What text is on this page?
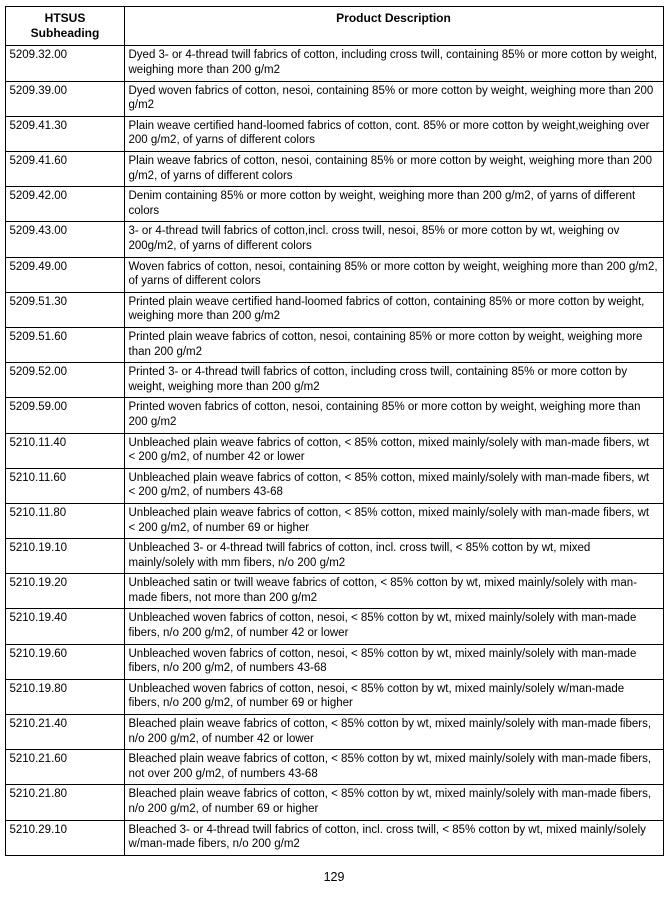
HTSUS Subheading	Product Description
5209.32.00	Dyed 3- or 4-thread twill fabrics of cotton, including cross twill, containing 85% or more cotton by weight, weighing more than 200 g/m2
5209.39.00	Dyed woven fabrics of cotton, nesoi, containing 85% or more cotton by weight, weighing more than 200 g/m2
5209.41.30	Plain weave certified hand-loomed fabrics of cotton, cont. 85% or more cotton by weight,weighing over 200 g/m2, of yarns of different colors
5209.41.60	Plain weave fabrics of cotton, nesoi, containing 85% or more cotton by weight, weighing more than 200 g/m2, of yarns of different colors
5209.42.00	Denim containing 85% or more cotton by weight, weighing more than 200 g/m2, of yarns of different colors
5209.43.00	3- or 4-thread twill fabrics of cotton,incl. cross twill, nesoi, 85% or more cotton by wt, weighing ov 200g/m2, of yarns of different colors
5209.49.00	Woven fabrics of cotton, nesoi, containing 85% or more cotton by weight, weighing more than 200 g/m2, of yarns of different colors
5209.51.30	Printed plain weave certified hand-loomed fabrics of cotton, containing 85% or more cotton by weight, weighing more than 200 g/m2
5209.51.60	Printed plain weave fabrics of cotton, nesoi, containing 85% or more cotton by weight, weighing more than 200 g/m2
5209.52.00	Printed 3- or 4-thread twill fabrics of cotton, including cross twill, containing 85% or more cotton by weight, weighing more than 200 g/m2
5209.59.00	Printed woven fabrics of cotton, nesoi, containing 85% or more cotton by weight, weighing more than 200 g/m2
5210.11.40	Unbleached plain weave fabrics of cotton, < 85% cotton, mixed mainly/solely with man-made fibers, wt < 200 g/m2, of number 42 or lower
5210.11.60	Unbleached plain weave fabrics of cotton, < 85% cotton, mixed mainly/solely with man-made fibers, wt < 200 g/m2, of numbers 43-68
5210.11.80	Unbleached plain weave fabrics of cotton, < 85% cotton, mixed mainly/solely with man-made fibers, wt < 200 g/m2, of number 69 or higher
5210.19.10	Unbleached 3- or 4-thread twill fabrics of cotton, incl. cross twill, < 85% cotton by wt, mixed mainly/solely with mm fibers, n/o 200 g/m2
5210.19.20	Unbleached satin or twill weave fabrics of cotton, < 85% cotton by wt, mixed mainly/solely with man-made fibers, not more than 200 g/m2
5210.19.40	Unbleached woven fabrics of cotton, nesoi, < 85% cotton by wt, mixed mainly/solely with man-made fibers, n/o 200 g/m2, of number 42 or lower
5210.19.60	Unbleached woven fabrics of cotton, nesoi, < 85% cotton by wt, mixed mainly/solely with man-made fibers, n/o 200 g/m2, of numbers 43-68
5210.19.80	Unbleached woven fabrics of cotton, nesoi, < 85% cotton by wt, mixed mainly/solely w/man-made fibers, n/o 200 g/m2, of number 69 or higher
5210.21.40	Bleached plain weave fabrics of cotton, < 85% cotton by wt, mixed mainly/solely with man-made fibers, n/o 200 g/m2, of number 42 or lower
5210.21.60	Bleached plain weave fabrics of cotton, < 85% cotton by wt, mixed mainly/solely with man-made fibers, not over 200 g/m2, of numbers 43-68
5210.21.80	Bleached plain weave fabrics of cotton, < 85% cotton by wt, mixed mainly/solely with man-made fibers, n/o 200 g/m2, of number 69 or higher
5210.29.10	Bleached 3- or 4-thread twill fabrics of cotton, incl. cross twill, < 85% cotton by wt, mixed mainly/solely w/man-made fibers, n/o 200 g/m2
129
